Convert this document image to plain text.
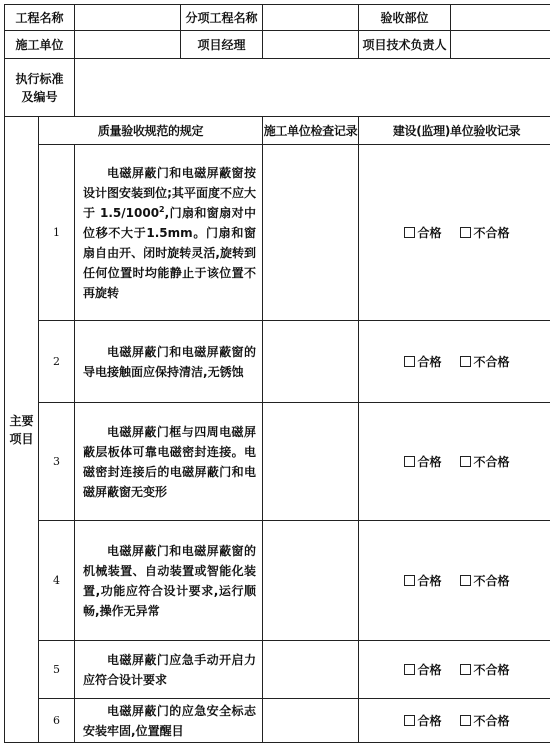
工程名称			分项工程名称		验收部位	
施工单位			项目经理		项目技术负责人	

执行标准
及编号						

主要项目	质量验收规范的规定			施工单位检查记录	建设(监理)单位验收记录	
	1	电磁屏蔽门和电磁屏蔽窗按设计图安装到位;其平面度不应大于 1.5/1000$^2$,门扇和窗扇对中位移不大于1.5mm。门扇和窗扇自由开、闭时旋转灵活,旋转到任何位置时均能静止于该位置不再旋转			合格 不合格	
	2	电磁屏蔽门和电磁屏蔽窗的导电接触面应保持清洁,无锈蚀			合格 不合格	
	3	电磁屏蔽门框与四周电磁屏蔽层板体可靠电磁密封连接。电磁密封连接后的电磁屏蔽门和电磁屏蔽窗无变形			合格 不合格	
	4	电磁屏蔽门和电磁屏蔽窗的机械装置、自动装置或智能化装置,功能应符合设计要求,运行顺畅,操作无异常			合格 不合格	
	5	电磁屏蔽门应急手动开启力应符合设计要求			合格 不合格	
	6	电磁屏蔽门的应急安全标志安装牢固,位置醒目			合格 不合格	
